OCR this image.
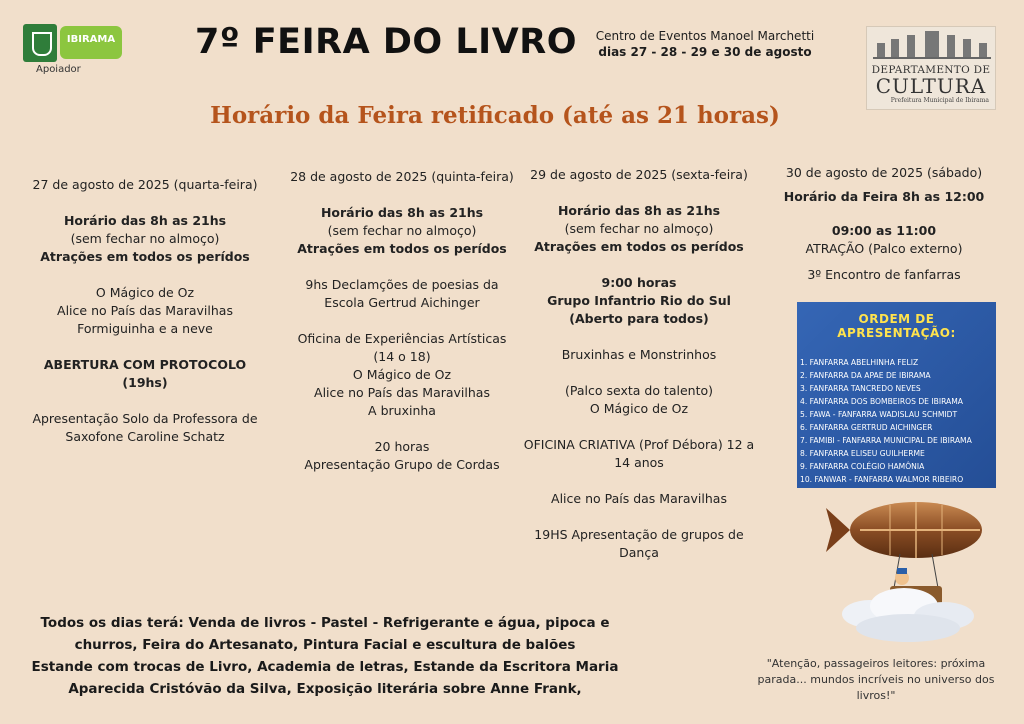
IBIRAMA
Apoiador
7º FEIRA DO LIVRO	Centro de Eventos Manoel Marchetti
dias 27 - 28 - 29 e 30 de agosto
DEPARTAMENTO DE
CULTURA
Prefeitura Municipal de Ibirama
Horário da Feira retificado (até as 21 horas)

27 de agosto de 2025 (quarta-feira)

Horário das 8h as 21hs
(sem fechar no almoço)
Atrações em todos os perídos

O Mágico de Oz
Alice no País das Maravilhas
Formiguinha e a neve

ABERTURA COM PROTOCOLO (19hs)

Apresentação Solo da Professora de
Saxofone Caroline Schatz

28 de agosto de 2025 (quinta-feira)

Horário das 8h as 21hs
(sem fechar no almoço)
Atrações em todos os perídos

9hs Declamções de poesias da Escola Gertrud Aichinger

Oficina de Experiências Artísticas (14 o 18)
O Mágico de Oz
Alice no País das Maravilhas
A bruxinha

20 horas
Apresentação Grupo de Cordas

29 de agosto de 2025 (sexta-feira)

Horário das 8h as 21hs
(sem fechar no almoço)
Atrações em todos os perídos

9:00 horas
Grupo Infantrio Rio do Sul (Aberto para todos)

Bruxinhas e Monstrinhos

(Palco sexta do talento)
O Mágico de Oz

OFICINA CRIATIVA (Prof Débora) 12 a 14 anos

Alice no País das Maravilhas

19HS Apresentação de grupos de Dança

30 de agosto de 2025 (sábado)

Horário da Feira 8h as 12:00

09:00 as 11:00
ATRAÇÃO (Palco externo)

3º Encontro de fanfarras

ORDEM DE APRESENTAÇÃO:
1. FANFARRA ABELHINHA FELIZ
2. FANFARRA DA APAE DE IBIRAMA
3. FANFARRA TANCREDO NEVES
4. FANFARRA DOS BOMBEIROS DE IBIRAMA
5. FAWA - FANFARRA WADISLAU SCHMIDT
6. FANFARRA GERTRUD AICHINGER
7. FAMIBI - FANFARRA MUNICIPAL DE IBIRAMA
8. FANFARRA ELISEU GUILHERME
9. FANFARRA COLÉGIO HAMÔNIA
10. FANWAR - FANFARRA WALMOR RIBEIRO
Todos os dias terá: Venda de livros - Pastel - Refrigerante e água, pipoca e
churros, Feira do Artesanato, Pintura Facial e escultura de balões
Estande com trocas de Livro, Academia de letras, Estande da Escritora Maria
Aparecida Cristóvão da Silva, Exposição literária sobre Anne Frank,
"Atenção, passageiros leitores: próxima parada... mundos incríveis no universo dos livros!"
